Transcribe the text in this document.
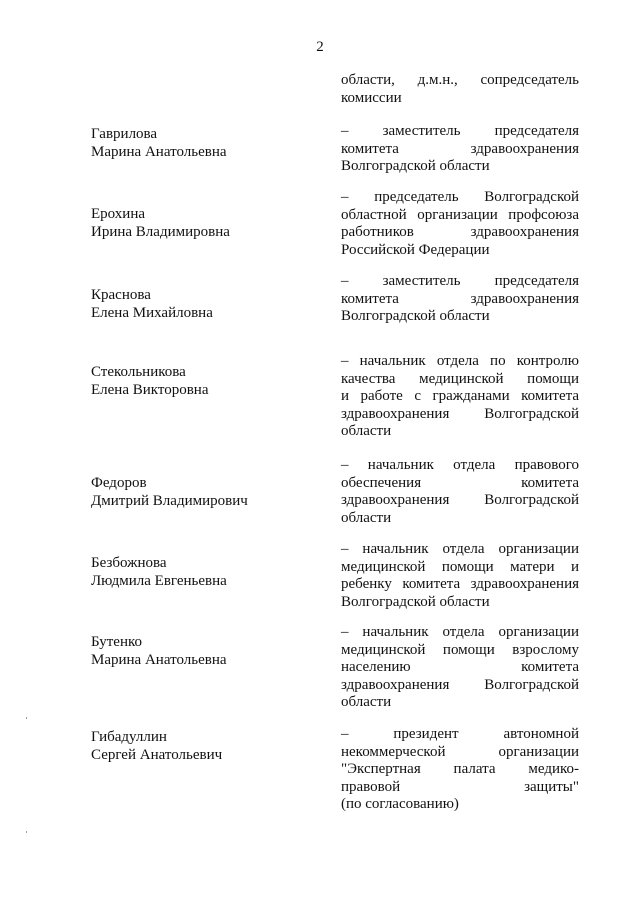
2
области, д.м.н., сопредседатель
комиссии
Гаврилова
Марина Анатольевна
– заместитель председателя
комитета здравоохранения
Волгоградской области
Ерохина
Ирина Владимировна
– председатель Волгоградской
областной организации профсоюза
работников здравоохранения
Российской Федерации
Краснова
Елена Михайловна
– заместитель председателя
комитета здравоохранения
Волгоградской области
Стекольникова
Елена Викторовна
– начальник отдела по контролю
качества медицинской помощи
и работе с гражданами комитета
здравоохранения Волгоградской
области
Федоров
Дмитрий Владимирович
– начальник отдела правового
обеспечения комитета
здравоохранения Волгоградской
области
Безбожнова
Людмила Евгеньевна
– начальник отдела организации
медицинской помощи матери и
ребенку комитета здравоохранения
Волгоградской области
Бутенко
Марина Анатольевна
– начальник отдела организации
медицинской помощи взрослому
населению комитета
здравоохранения Волгоградской
области
Гибадуллин
Сергей Анатольевич
– президент автономной
некоммерческой организации
"Экспертная палата медико-
правовой защиты"
(по согласованию)
